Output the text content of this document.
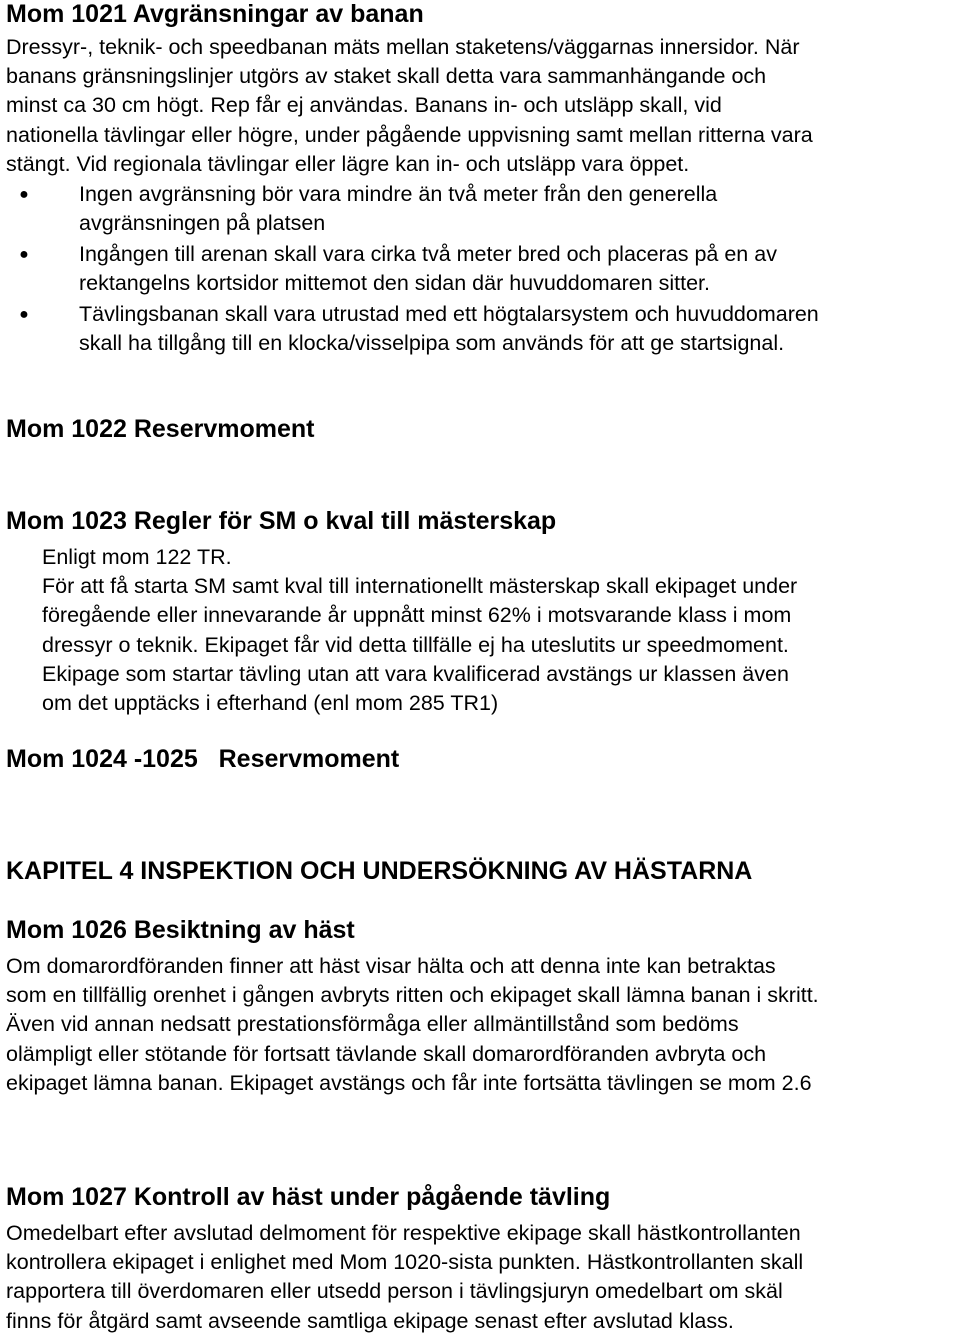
Mom 1021 Avgränsningar av banan
Dressyr-, teknik- och speedbanan mäts mellan staketens/väggarnas innersidor. När
banans gränsningslinjer utgörs av staket skall detta vara sammanhängande och
minst ca 30 cm högt. Rep får ej användas. Banans in- och utsläpp skall, vid
nationella tävlingar eller högre, under pågående uppvisning samt mellan ritterna vara
stängt. Vid regionala tävlingar eller lägre kan in- och utsläpp vara öppet.
● Ingen avgränsning bör vara mindre än två meter från den generella
avgränsningen på platsen
● Ingången till arenan skall vara cirka två meter bred och placeras på en av
rektangelns kortsidor mittemot den sidan där huvuddomaren sitter.
● Tävlingsbanan skall vara utrustad med ett högtalarsystem och huvuddomaren
skall ha tillgång till en klocka/visselpipa som används för att ge startsignal.
Mom 1022 Reservmoment
Mom 1023 Regler för SM o kval till mästerskap
Enligt mom 122 TR.
För att få starta SM samt kval till internationellt mästerskap skall ekipaget under
föregående eller innevarande år uppnått minst 62% i motsvarande klass i mom
dressyr o teknik. Ekipaget får vid detta tillfälle ej ha uteslutits ur speedmoment.
Ekipage som startar tävling utan att vara kvalificerad avstängs ur klassen även
om det upptäcks i efterhand (enl mom 285 TR1)
Mom 1024 -1025   Reservmoment
KAPITEL 4 INSPEKTION OCH UNDERSÖKNING AV HÄSTARNA
Mom 1026 Besiktning av häst
Om domarordföranden finner att häst visar hälta och att denna inte kan betraktas
som en tillfällig orenhet i gången avbryts ritten och ekipaget skall lämna banan i skritt.
Även vid annan nedsatt prestationsförmåga eller allmäntillstånd som bedöms
olämpligt eller stötande för fortsatt tävlande skall domarordföranden avbryta och
ekipaget lämna banan. Ekipaget avstängs och får inte fortsätta tävlingen se mom 2.6
Mom 1027 Kontroll av häst under pågående tävling
Omedelbart efter avslutad delmoment för respektive ekipage skall hästkontrollanten
kontrollera ekipaget i enlighet med Mom 1020-sista punkten. Hästkontrollanten skall
rapportera till överdomaren eller utsedd person i tävlingsjuryn omedelbart om skäl
finns för åtgärd samt avseende samtliga ekipage senast efter avslutad klass.
